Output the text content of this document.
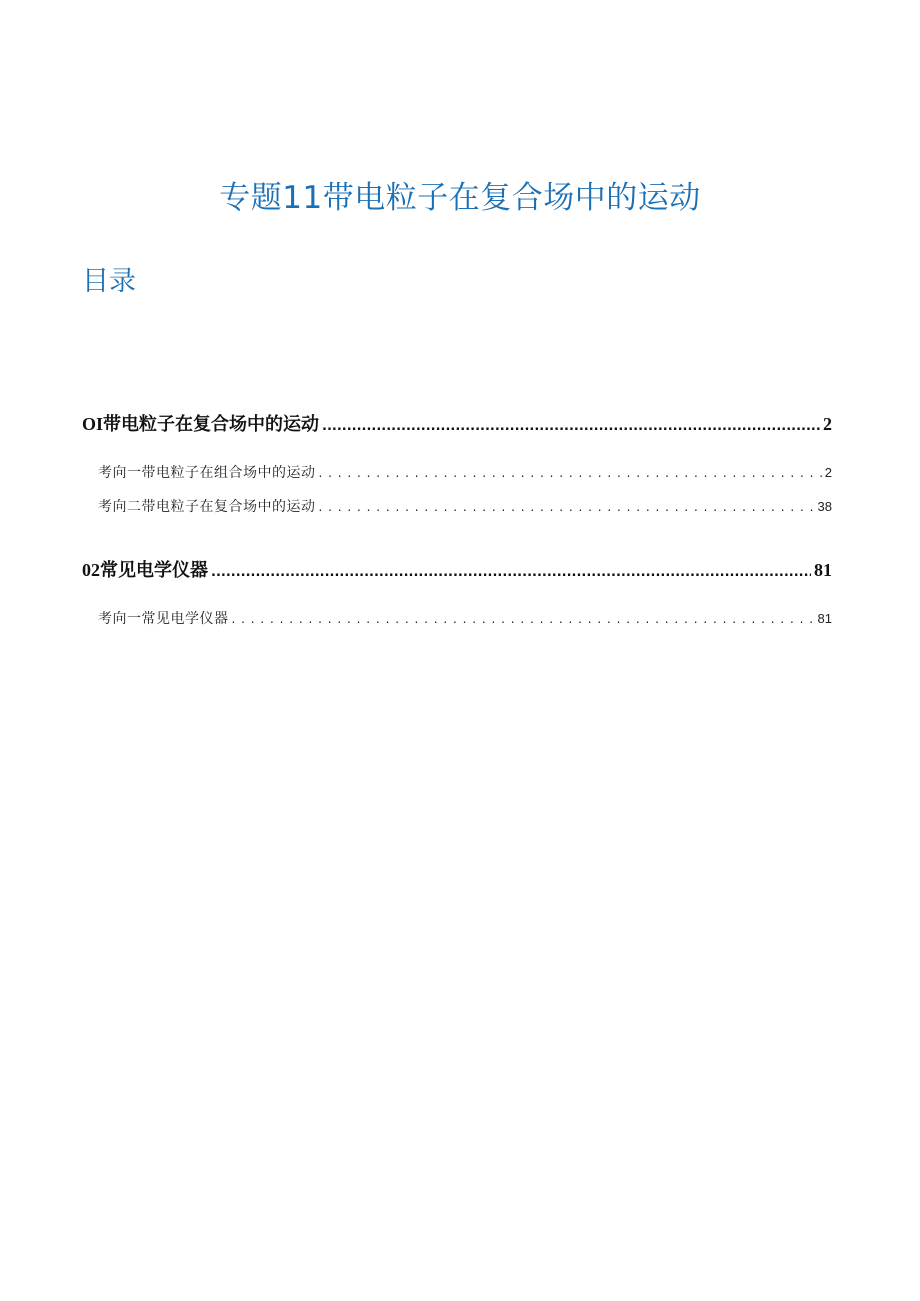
专题11带电粒子在复合场中的运动
目录
OI带电粒子在复合场中的运动 .....	2
考向一带电粒子在组合场中的运动 . . .	2
考向二带电粒子在复合场中的运动 . . .	38
02常见电学仪器 .....	81
考向一常见电学仪器 . . .	81
